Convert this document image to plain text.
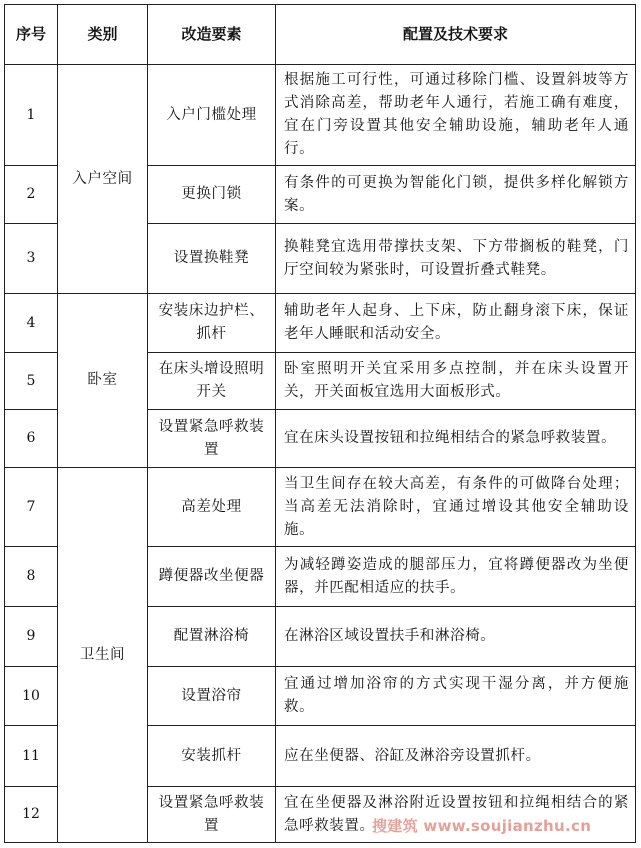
序号	类别	改造要素	配置及技术要求
1	入户空间	入户门槛处理	根据施工可行性，可通过移除门槛、设置斜坡等方式消除高差，帮助老年人通行，若施工确有难度，宜在门旁设置其他安全辅助设施，辅助老年人通行。
2		更换门锁	有条件的可更换为智能化门锁，提供多样化解锁方案。
3		设置换鞋凳	换鞋凳宜选用带撑扶支架、下方带搁板的鞋凳，门厅空间较为紧张时，可设置折叠式鞋凳。
4	卧室	安装床边护栏、抓杆	辅助老年人起身、上下床，防止翻身滚下床，保证老年人睡眠和活动安全。
5		在床头增设照明开关	卧室照明开关宜采用多点控制，并在床头设置开关，开关面板宜选用大面板形式。
6		设置紧急呼救装置	宜在床头设置按钮和拉绳相结合的紧急呼救装置。
7	卫生间	高差处理	当卫生间存在较大高差，有条件的可做降台处理；当高差无法消除时，宜通过增设其他安全辅助设施。
8		蹲便器改坐便器	为减轻蹲姿造成的腿部压力，宜将蹲便器改为坐便器，并匹配相适应的扶手。
9		配置淋浴椅	在淋浴区域设置扶手和淋浴椅。
10		设置浴帘	宜通过增加浴帘的方式实现干湿分离，并方便施救。
11		安装抓杆	应在坐便器、浴缸及淋浴旁设置抓杆。
12		设置紧急呼救装置	宜在坐便器及淋浴附近设置按钮和拉绳相结合的紧急呼救装置。
搜建筑 www.soujianzhu.cn
